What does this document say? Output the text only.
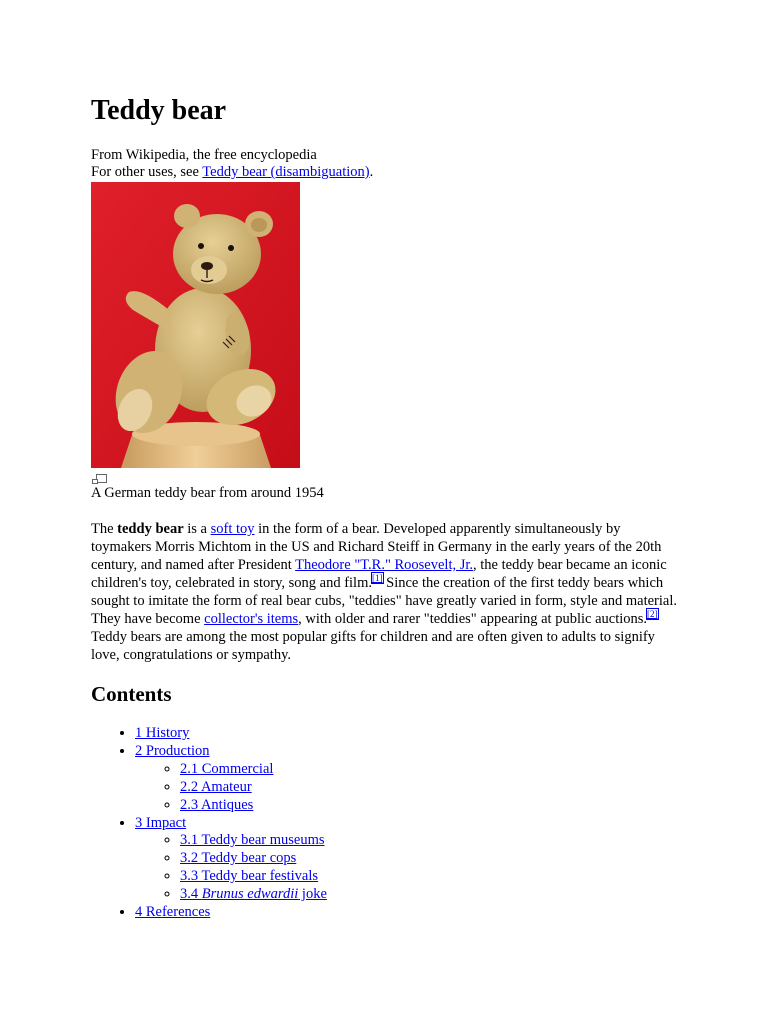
Teddy bear
From Wikipedia, the free encyclopedia
For other uses, see Teddy bear (disambiguation).
A German teddy bear from around 1954

The teddy bear is a soft toy in the form of a bear. Developed apparently simultaneously by toymakers Morris Michtom in the US and Richard Steiff in Germany in the early years of the 20th century, and named after President Theodore "T.R." Roosevelt, Jr., the teddy bear became an iconic children's toy, celebrated in story, song and film.[1] Since the creation of the first teddy bears which sought to imitate the form of real bear cubs, "teddies" have greatly varied in form, style and material. They have become collector's items, with older and rarer "teddies" appearing at public auctions.[2] Teddy bears are among the most popular gifts for children and are often given to adults to signify love, congratulations or sympathy.

Contents
• 1 History
• 2 Production
◦ 2.1 Commercial
◦ 2.2 Amateur
◦ 2.3 Antiques
• 3 Impact
◦ 3.1 Teddy bear museums
◦ 3.2 Teddy bear cops
◦ 3.3 Teddy bear festivals
◦ 3.4 Brunus edwardii joke
• 4 References
